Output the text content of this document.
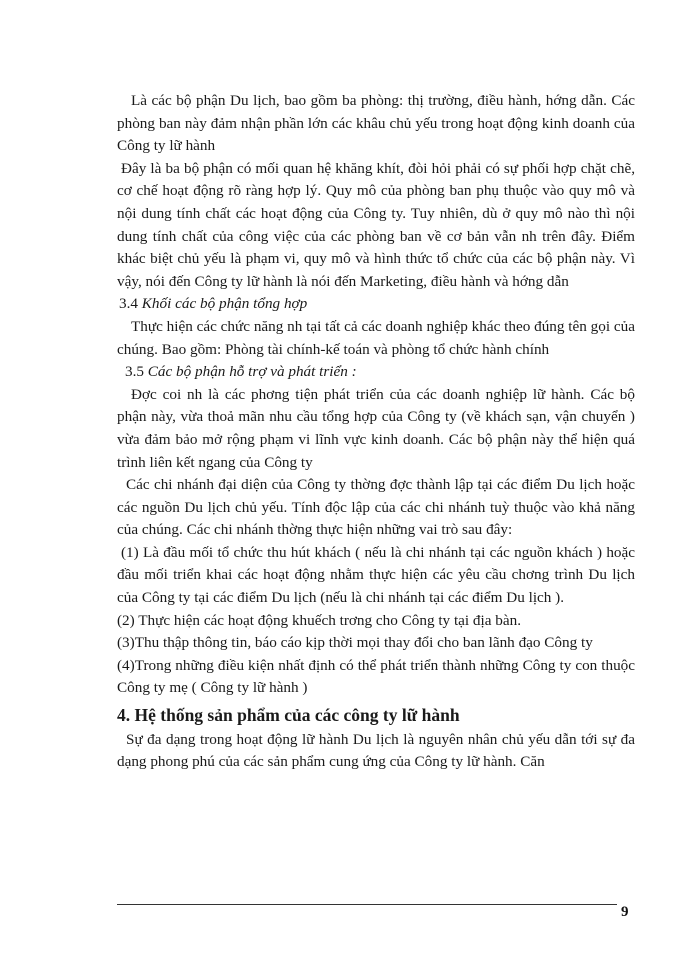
Là các bộ phận Du lịch, bao gồm ba phòng: thị trường, điều hành, hớng dẫn. Các phòng ban này đảm nhận phần lớn các khâu chủ yếu trong hoạt động kinh doanh của Công ty lữ hành

Đây là ba bộ phận có mối quan hệ khăng khít, đòi hỏi phải có sự phối hợp chặt chẽ, cơ chế hoạt động rõ ràng hợp lý. Quy mô của phòng ban phụ thuộc vào quy mô và nội dung tính chất các hoạt động của Công ty. Tuy nhiên, dù ở quy mô nào thì nội dung tính chất của công việc của các phòng ban về cơ bản vẫn nh trên đây. Điểm khác biệt chủ yếu là phạm vi, quy mô và hình thức tổ chức của các bộ phận này. Vì vậy, nói đến Công ty lữ hành là nói đến Marketing, điều hành và hớng dẫn

3.4 Khối các bộ phận tổng hợp

Thực hiện các chức năng nh tại tất cả các doanh nghiệp khác theo đúng tên gọi của chúng. Bao gồm: Phòng tài chính-kế toán và phòng tổ chức hành chính

3.5 Các bộ phận hỗ trợ và phát triển :

Đợc coi nh là các phơng tiện phát triển của các doanh nghiệp lữ hành. Các bộ phận này, vừa thoả mãn nhu cầu tổng hợp của Công ty (về khách sạn, vận chuyển ) vừa đảm bảo mở rộng phạm vi lĩnh vực kinh doanh. Các bộ phận này thể hiện quá trình liên kết ngang của Công ty

Các chi nhánh đại diện của Công ty thờng đợc thành lập tại các điểm Du lịch hoặc các nguồn Du lịch chủ yếu. Tính độc lập của các chi nhánh tuỳ thuộc vào khả năng của chúng. Các chi nhánh thờng thực hiện những vai trò sau đây:

(1) Là đầu mối tổ chức thu hút khách ( nếu là chi nhánh tại các nguồn khách ) hoặc đầu mối triển khai các hoạt động nhằm thực hiện các yêu cầu chơng trình Du lịch của Công ty tại các điểm Du lịch (nếu là chi nhánh tại các điểm Du lịch ).

(2) Thực hiện các hoạt động khuếch trơng cho Công ty tại địa bàn.

(3)Thu thập thông tin, báo cáo kịp thời mọi thay đổi cho ban lãnh đạo Công ty

(4)Trong những điều kiện nhất định có thể phát triển thành những Công ty con thuộc Công ty mẹ ( Công ty lữ hành )

4. Hệ thống sản phẩm của các công ty lữ hành

Sự đa dạng trong hoạt động lữ hành Du lịch là nguyên nhân chủ yếu dẫn tới sự đa dạng phong phú của các sản phẩm cung ứng của Công ty lữ hành. Căn

9
